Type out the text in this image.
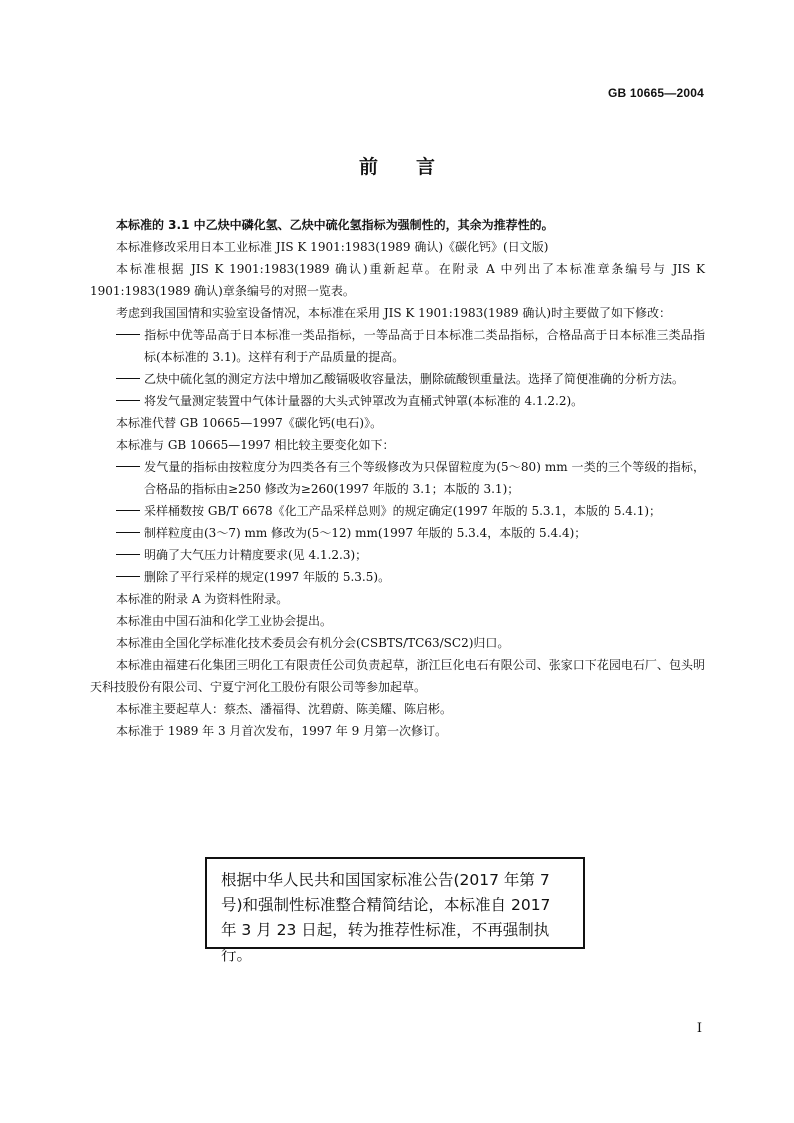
GB 10665—2004
前言

本标准的 3.1 中乙炔中磷化氢、乙炔中硫化氢指标为强制性的，其余为推荐性的。

本标准修改采用日本工业标准 JIS K 1901:1983(1989 确认)《碳化钙》(日文版)

本标准根据 JIS K 1901:1983(1989 确认)重新起草。在附录 A 中列出了本标准章条编号与 JIS K 1901:1983(1989 确认)章条编号的对照一览表。

考虑到我国国情和实验室设备情况，本标准在采用 JIS K 1901:1983(1989 确认)时主要做了如下修改：

指标中优等品高于日本标准一类品指标，一等品高于日本标准二类品指标，合格品高于日本标准三类品指标(本标准的 3.1)。这样有利于产品质量的提高。

乙炔中硫化氢的测定方法中增加乙酸镉吸收容量法，删除硫酸钡重量法。选择了简便准确的分析方法。

将发气量测定装置中气体计量器的大头式钟罩改为直桶式钟罩(本标准的 4.1.2.2)。

本标准代替 GB 10665—1997《碳化钙(电石)》。

本标准与 GB 10665—1997 相比较主要变化如下：

发气量的指标由按粒度分为四类各有三个等级修改为只保留粒度为(5～80) mm 一类的三个等级的指标，合格品的指标由≥250 修改为≥260(1997 年版的 3.1；本版的 3.1)；

采样桶数按 GB/T 6678《化工产品采样总则》的规定确定(1997 年版的 5.3.1，本版的 5.4.1)；

制样粒度由(3～7) mm 修改为(5～12) mm(1997 年版的 5.3.4，本版的 5.4.4)；

明确了大气压力计精度要求(见 4.1.2.3)；

删除了平行采样的规定(1997 年版的 5.3.5)。

本标准的附录 A 为资料性附录。

本标准由中国石油和化学工业协会提出。

本标准由全国化学标准化技术委员会有机分会(CSBTS/TC63/SC2)归口。

本标准由福建石化集团三明化工有限责任公司负责起草，浙江巨化电石有限公司、张家口下花园电石厂、包头明天科技股份有限公司、宁夏宁河化工股份有限公司等参加起草。

本标准主要起草人：蔡杰、潘福得、沈碧蔚、陈美耀、陈启彬。

本标准于 1989 年 3 月首次发布，1997 年 9 月第一次修订。

根据中华人民共和国国家标准公告(2017 年第 7 号)和强制性标准整合精简结论，本标准自 2017 年 3 月 23 日起，转为推荐性标准，不再强制执行。
I
